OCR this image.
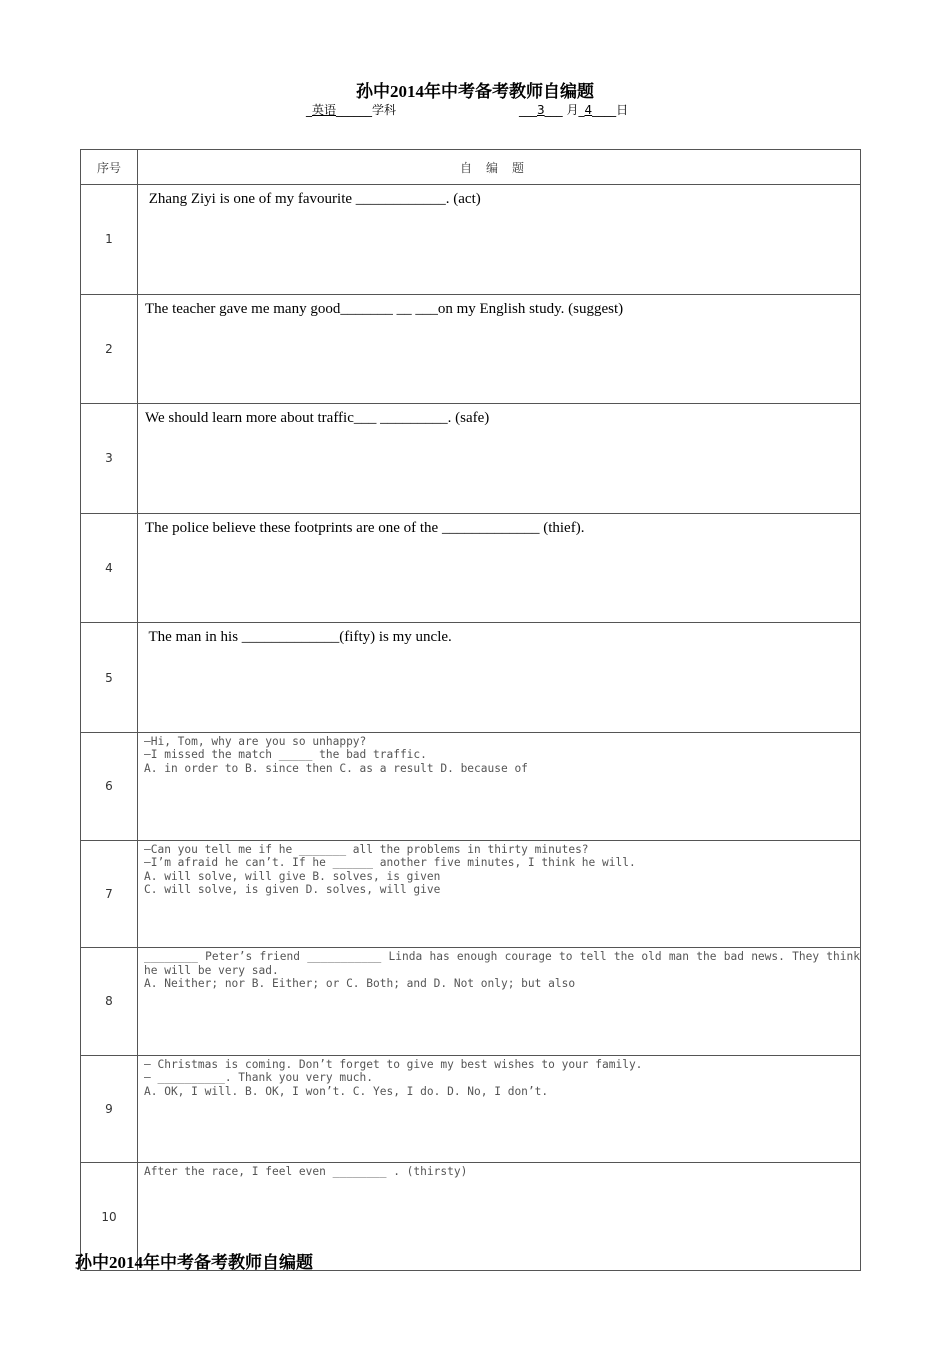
孙中2014年中考备考教师自编题
_英语______学科	___3___ 月_4____日
序号	自编题
1	Zhang Ziyi is one of my favourite ____________. (act)
2	The teacher gave me many good_______ __ ___on my English study. (suggest)
3	We should learn more about traffic___ _________. (safe)
4	The police believe these footprints are one of the _____________ (thief).
5	The man in his _____________(fifty) is my uncle.
6	—Hi, Tom, why are you so unhappy?
—I missed the match _____ the bad traffic.
A. in order to B. since then C. as a result D. because of
7	—Can you tell me if he _______ all the problems in thirty minutes?
—I’m afraid he can’t. If he ______ another five minutes, I think he will.
A. will solve, will give B. solves, is given
C. will solve, is given D. solves, will give
8	________ Peter’s friend ___________ Linda has enough courage to tell the old man the bad news. They think he will be very sad.
A. Neither; nor B. Either; or C. Both; and D. Not only; but also
9	— Christmas is coming. Don’t forget to give my best wishes to your family.
— __________. Thank you very much.
A. OK, I will. B. OK, I won’t. C. Yes, I do. D. No, I don’t.
10	After the race, I feel even ________ . (thirsty)
孙中2014年中考备考教师自编题
